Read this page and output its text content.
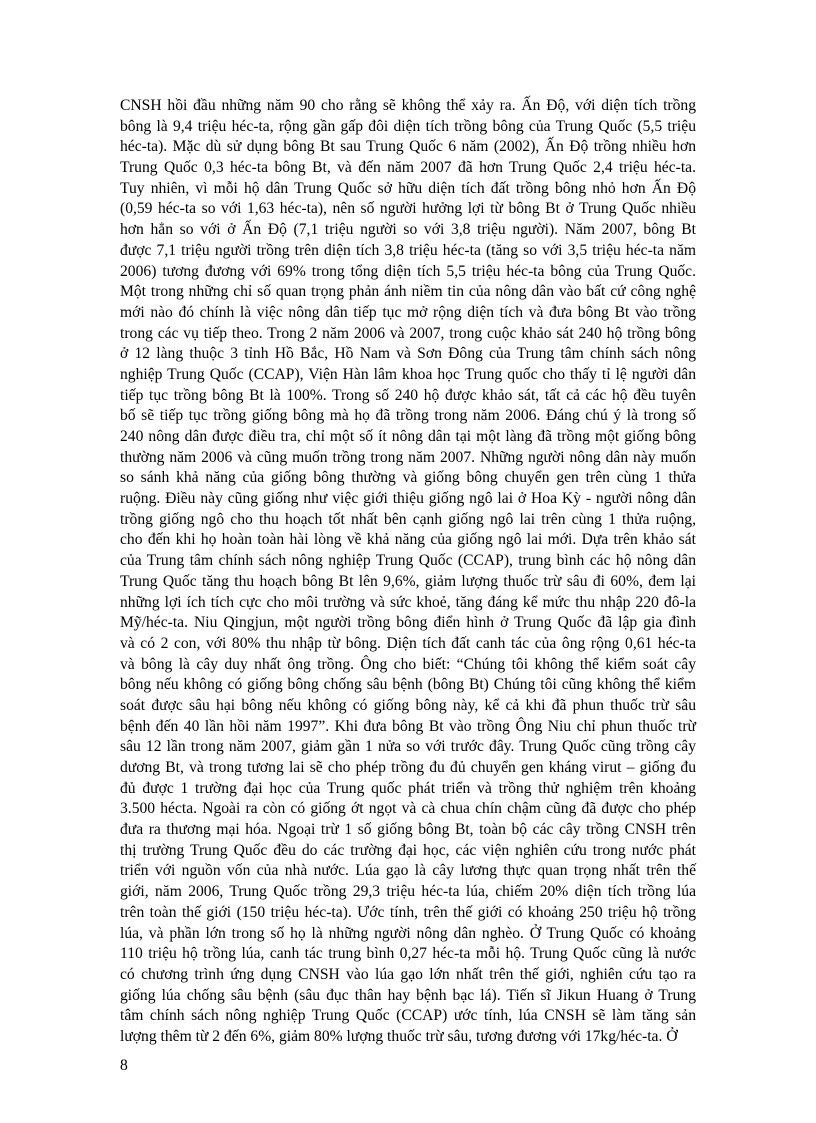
CNSH hồi đầu những năm 90 cho rằng sẽ không thể xảy ra. Ấn Độ, với diện tích trồng
bông là 9,4 triệu héc-ta, rộng gần gấp đôi diện tích trồng bông của Trung Quốc (5,5 triệu
héc-ta). Mặc dù sử dụng bông Bt sau Trung Quốc 6 năm (2002), Ấn Độ trồng nhiều hơn
Trung Quốc 0,3 héc-ta bông Bt, và đến năm 2007 đã hơn Trung Quốc 2,4 triệu héc-ta.
Tuy nhiên, vì mỗi hộ dân Trung Quốc sở hữu diện tích đất trồng bông nhỏ hơn Ấn Độ
(0,59 héc-ta so với 1,63 héc-ta), nên số người hưởng lợi từ bông Bt ở Trung Quốc nhiều
hơn hẳn so với ở Ấn Độ (7,1 triệu người so với 3,8 triệu người). Năm 2007, bông Bt
được 7,1 triệu người trồng trên diện tích 3,8 triệu héc-ta (tăng so với 3,5 triệu héc-ta năm
2006) tương đương với 69% trong tổng diện tích 5,5 triệu héc-ta bông của Trung Quốc.
Một trong những chỉ số quan trọng phản ánh niềm tin của nông dân vào bất cứ công nghệ
mới nào đó chính là việc nông dân tiếp tục mở rộng diện tích và đưa bông Bt vào trồng
trong các vụ tiếp theo. Trong 2 năm 2006 và 2007, trong cuộc khảo sát 240 hộ trồng bông
ở 12 làng thuộc 3 tỉnh Hồ Bắc, Hồ Nam và Sơn Đông của Trung tâm chính sách nông
nghiệp Trung Quốc (CCAP), Viện Hàn lâm khoa học Trung quốc cho thấy tỉ lệ người dân
tiếp tục trồng bông Bt là 100%. Trong số 240 hộ được khảo sát, tất cả các hộ đều tuyên
bố sẽ tiếp tục trồng giống bông mà họ đã trồng trong năm 2006. Đáng chú ý là trong số
240 nông dân được điều tra, chỉ một số ít nông dân tại một làng đã trồng một giống bông
thường năm 2006 và cũng muốn trồng trong năm 2007. Những người nông dân này muốn
so sánh khả năng của giống bông thường và giống bông chuyển gen trên cùng 1 thửa
ruộng. Điều này cũng giống như việc giới thiệu giống ngô lai ở Hoa Kỳ - người nông dân
trồng giống ngô cho thu hoạch tốt nhất bên cạnh giống ngô lai trên cùng 1 thửa ruộng,
cho đến khi họ hoàn toàn hài lòng về khả năng của giống ngô lai mới. Dựa trên khảo sát
của Trung tâm chính sách nông nghiệp Trung Quốc (CCAP), trung bình các hộ nông dân
Trung Quốc tăng thu hoạch bông Bt lên 9,6%, giảm lượng thuốc trừ sâu đi 60%, đem lại
những lợi ích tích cực cho môi trường và sức khoẻ, tăng đáng kể mức thu nhập 220 đô-la
Mỹ/héc-ta. Niu Qingjun, một người trồng bông điển hình ở Trung Quốc đã lập gia đình
và có 2 con, với 80% thu nhập từ bông. Diện tích đất canh tác của ông rộng 0,61 héc-ta
và bông là cây duy nhất ông trồng. Ông cho biết: “Chúng tôi không thể kiểm soát cây
bông nếu không có giống bông chống sâu bệnh (bông Bt) Chúng tôi cũng không thể kiểm
soát được sâu hại bông nếu không có giống bông này, kể cả khi đã phun thuốc trừ sâu
bệnh đến 40 lần hồi năm 1997”. Khi đưa bông Bt vào trồng Ông Niu chỉ phun thuốc trừ
sâu 12 lần trong năm 2007, giảm gần 1 nửa so với trước đây. Trung Quốc cũng trồng cây
dương Bt, và trong tương lai sẽ cho phép trồng đu đủ chuyển gen kháng virut – giống đu
đủ được 1 trường đại học của Trung quốc phát triển và trồng thử nghiệm trên khoảng
3.500 hécta. Ngoài ra còn có giống ớt ngọt và cà chua chín chậm cũng đã được cho phép
đưa ra thương mại hóa. Ngoại trừ 1 số giống bông Bt, toàn bộ các cây trồng CNSH trên
thị trường Trung Quốc đều do các trường đại học, các viện nghiên cứu trong nước phát
triển với nguồn vốn của nhà nước. Lúa gạo là cây lương thực quan trọng nhất trên thế
giới, năm 2006, Trung Quốc trồng 29,3 triệu héc-ta lúa, chiếm 20% diện tích trồng lúa
trên toàn thế giới (150 triệu héc-ta). Ước tính, trên thế giới có khoảng 250 triệu hộ trồng
lúa, và phần lớn trong số họ là những người nông dân nghèo. Ở Trung Quốc có khoảng
110 triệu hộ trồng lúa, canh tác trung bình 0,27 héc-ta mỗi hộ. Trung Quốc cũng là nước
có chương trình ứng dụng CNSH vào lúa gạo lớn nhất trên thế giới, nghiên cứu tạo ra
giống lúa chống sâu bệnh (sâu đục thân hay bệnh bạc lá). Tiến sĩ Jikun Huang ở Trung
tâm chính sách nông nghiệp Trung Quốc (CCAP) ước tính, lúa CNSH sẽ làm tăng sản
lượng thêm từ 2 đến 6%, giảm 80% lượng thuốc trừ sâu, tương đương với 17kg/héc-ta. Ở
8
